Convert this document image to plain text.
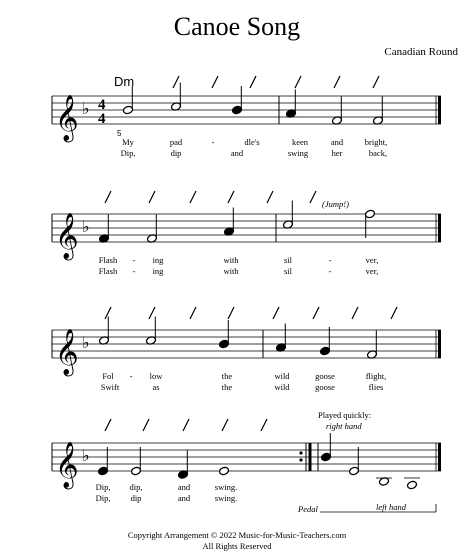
Canoe Song
Canadian Round
Dm
𝄞 ♭
𝄞 ♭
𝄞 ♭
𝄞 ♭
4
4
My	pad	-	dle's	keen	and	bright,
Dip,	dip	and	swing	her	back,
Flash - ing	with	sil	-	ver,
Flash - ing	with	sil	-	ver,
Fol - low	the	wild	goose	flight,
Swift	as	the	wild	goose	flies
Dip, dip,	and	swing.
Dip, dip	and	swing.
(Jump!)
Played quickly:
right hand
left hand
Pedal
5
Copyright Arrangement © 2022 Music-for-Music-Teachers.com
All Rights Reserved
